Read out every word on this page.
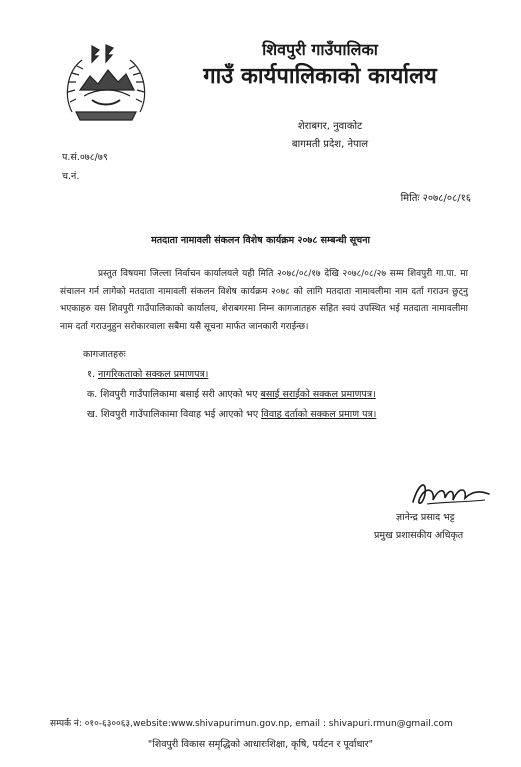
शिवपुरी गाउँपालिका
गाउँ कार्यपालिकाको कार्यालय
शेराबगर, नुवाकोट
बागमती प्रदेश, नेपाल
प.सं.०७८/७९
च.नं.
मितिः २०७८/०८/१६
मतदाता नामावली संकलन विशेष कार्यक्रम २०७८ सम्बन्धी सूचना
प्रस्तुत विषयमा जिल्ला निर्वाचन कार्यालयले यही मिति २०७८/०८/१७ देखि २०७८/०८/२७ सम्म शिवपुरी गा.पा. मा संचालन गर्न लागेको मतदाता नामावली संकलन विशेष कार्यक्रम २०७८ को लागि मतदाता नामावलीमा नाम दर्ता गराउन छुट्नु भएकाहरु यस शिवपुरी गाउँपालिकाको कार्यालय, शेराबगरमा निम्न कागजातहरु सहित स्वयं उपस्थित भई मतदाता नामावलीमा नाम दर्ता गराउनुहुन सरोकारवाला सबैमा यसै सूचना मार्फत जानकारी गराईन्छ।
कागजातहरुः
१. नागरिकताको सक्कल प्रमाणपत्र।
क. शिवपुरी गाउँपालिकामा बसाई सरी आएको भए बसाई सराईको सक्कल प्रमाणपत्र।
ख. शिवपुरी गाउँपालिकामा विवाह भई आएको भए विवाह दर्ताको सक्कल प्रमाण पत्र।
ज्ञानेन्द्र प्रसाद भट्ट
प्रमुख प्रशासकीय अधिकृत
सम्पर्क नं: ०१०-६३००६३,website:www.shivapurimun.gov.np, email : shivapuri.rmun@gmail.com
"शिवपुरी विकास समृद्धिको आधारःशिक्षा, कृषि, पर्यटन र पूर्वाधार"
